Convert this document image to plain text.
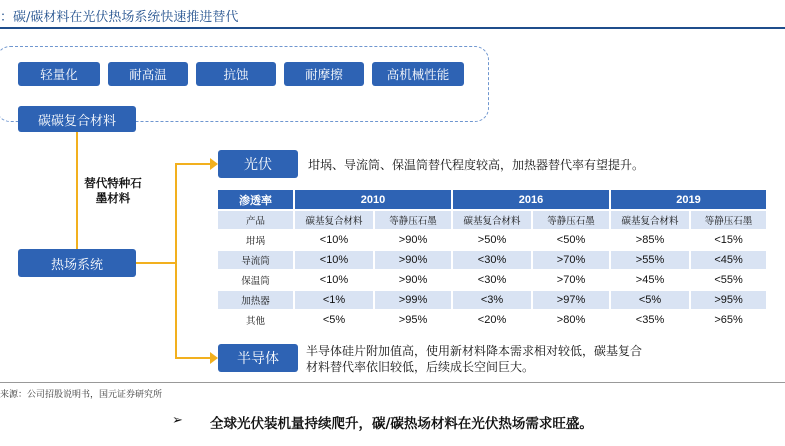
：碳/碳材料在光伏热场系统快速推进替代
轻量化	耐高温	抗蚀	耐摩擦	高机械性能
碳碳复合材料
替代特种石墨材料
热场系统
光伏	坩埚、导流筒、保温筒替代程度较高，加热器替代率有望提升。
渗透率	2010		2016		2019	
产品	碳基复合材料	等静压石墨	碳基复合材料	等静压石墨	碳基复合材料	等静压石墨
坩埚	<10%	>90%	>50%	<50%	>85%	<15%
导流筒	<10%	>90%	<30%	>70%	>55%	<45%
保温筒	<10%	>90%	<30%	>70%	>45%	<55%
加热器	<1%	>99%	<3%	>97%	<5%	>95%
其他	<5%	>95%	<20%	>80%	<35%	>65%
半导体	半导体硅片附加值高，使用新材料降本需求相对较低，碳基复合
材料替代率依旧较低，后续成长空间巨大。
来源：公司招股说明书，国元证券研究所
➢ 全球光伏装机量持续爬升，碳/碳热场材料在光伏热场需求旺盛。
